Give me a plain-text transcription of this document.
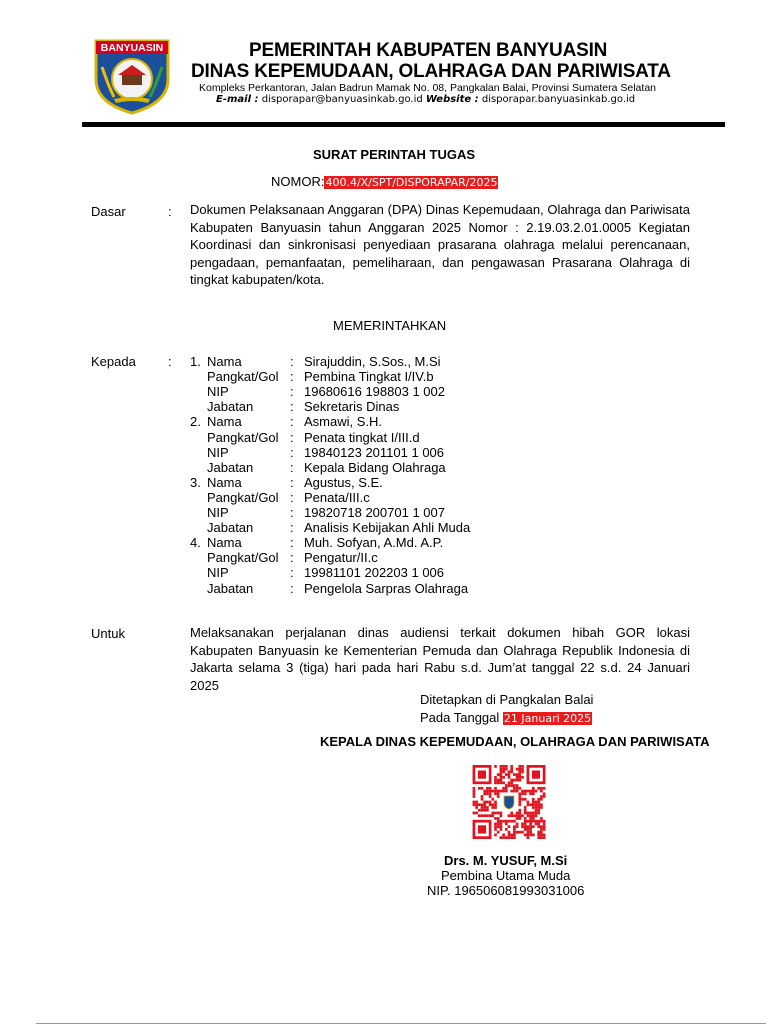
BANYUASIN	PEMERINTAH KABUPATEN BANYUASIN
DINAS KEPEMUDAAN, OLAHRAGA DAN PARIWISATA
Kompleks Perkantoran, Jalan Badrun Mamak No. 08, Pangkalan Balai, Provinsi Sumatera Selatan
E-mail : disporapar@banyuasinkab.go.id Website : disporapar.banyuasinkab.go.id
SURAT PERINTAH TUGAS
NOMOR:400.4/X/SPT/DISPORAPAR/2025
Dasar	: Dokumen Pelaksanaan Anggaran (DPA) Dinas Kepemudaan, Olahraga dan Pariwisata Kabupaten Banyuasin tahun Anggaran 2025 Nomor : 2.19.03.2.01.0005 Kegiatan Koordinasi dan sinkronisasi penyediaan prasarana olahraga melalui perencanaan, pengadaan, pemanfaatan, pemeliharaan, dan pengawasan Prasarana Olahraga di tingkat kabupaten/kota.
MEMERINTAHKAN
Kepada : 1. Nama	: Sirajuddin, S.Sos., M.Si
Pangkat/Gol : Pembina Tingkat I/IV.b
NIP	: 19680616 198803 1 002
Jabatan	: Sekretaris Dinas
2. Nama	: Asmawi, S.H.
Pangkat/Gol : Penata tingkat I/III.d
NIP	: 19840123 201101 1 006
Jabatan	: Kepala Bidang Olahraga
3. Nama	: Agustus, S.E.
Pangkat/Gol : Penata/III.c
NIP	: 19820718 200701 1 007
Jabatan	: Analisis Kebijakan Ahli Muda
4. Nama	: Muh. Sofyan, A.Md. A.P.
Pangkat/Gol : Pengatur/II.c
NIP	: 19981101 202203 1 006
Jabatan	: Pengelola Sarpras Olahraga
Untuk	Melaksanakan perjalanan dinas audiensi terkait dokumen hibah GOR lokasi Kabupaten Banyuasin ke Kementerian Pemuda dan Olahraga Republik Indonesia di Jakarta selama 3 (tiga) hari pada hari Rabu s.d. Jum’at tanggal 22 s.d. 24 Januari 2025
Ditetapkan di Pangkalan Balai
Pada Tanggal 21 Januari 2025
KEPALA DINAS KEPEMUDAAN, OLAHRAGA DAN PARIWISATA
Drs. M. YUSUF, M.Si
Pembina Utama Muda
NIP. 196506081993031006
